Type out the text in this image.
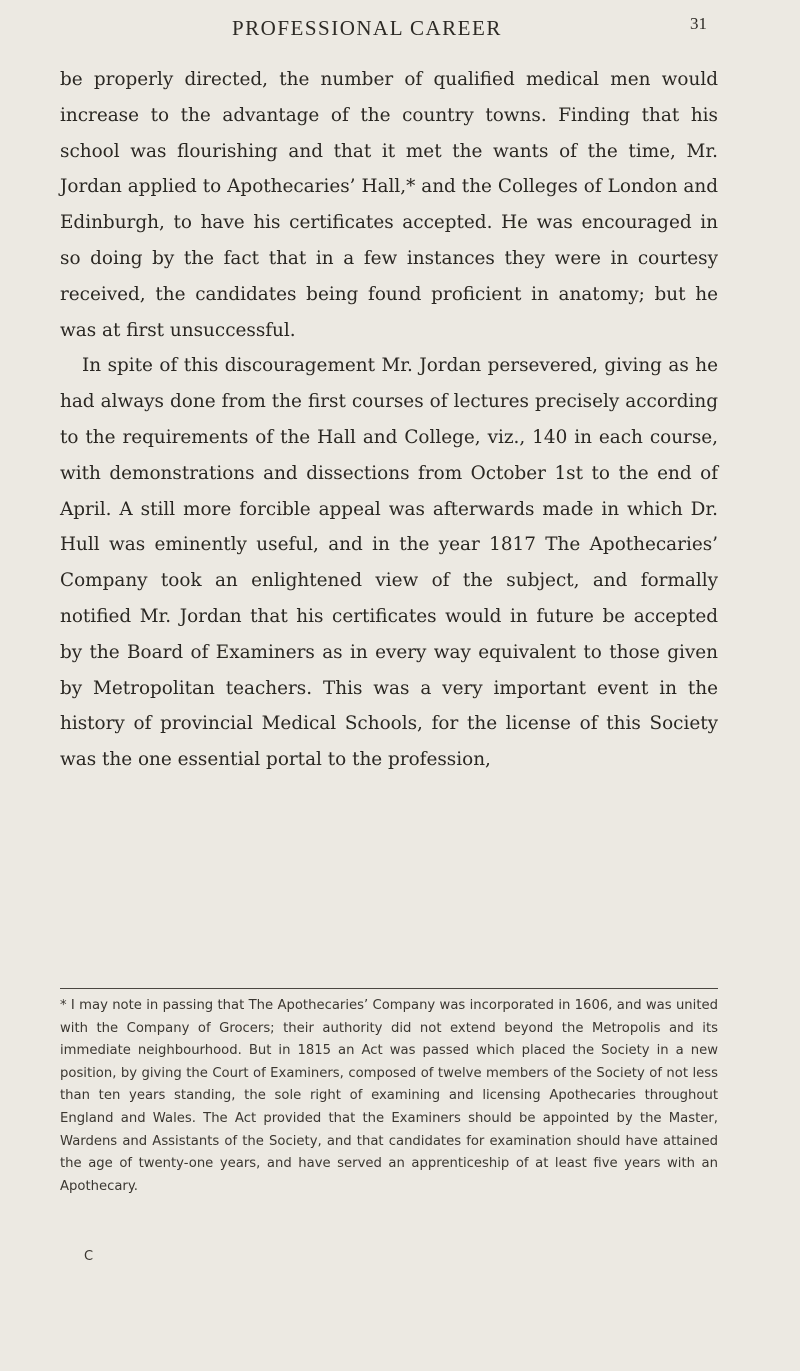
PROFESSIONAL CAREER	31

be properly directed, the number of qualified medical men would increase to the advantage of the country towns. Finding that his school was flourishing and that it met the wants of the time, Mr. Jordan applied to Apothecaries’ Hall,* and the Colleges of London and Edinburgh, to have his certificates accepted. He was encouraged in so doing by the fact that in a few instances they were in courtesy received, the candidates being found proficient in anatomy; but he was at first unsuccessful.

In spite of this discouragement Mr. Jordan persevered, giving as he had always done from the first courses of lectures precisely according to the requirements of the Hall and College, viz., 140 in each course, with demonstrations and dissections from October 1st to the end of April. A still more forcible appeal was afterwards made in which Dr. Hull was eminently useful, and in the year 1817 The Apothecaries’ Company took an enlightened view of the subject, and formally notified Mr. Jordan that his certificates would in future be accepted by the Board of Examiners as in every way equivalent to those given by Metropolitan teachers. This was a very important event in the history of provincial Medical Schools, for the license of this Society was the one essential portal to the profession,

* I may note in passing that The Apothecaries’ Company was incorporated in 1606, and was united with the Company of Grocers; their authority did not extend beyond the Metropolis and its immediate neighbourhood. But in 1815 an Act was passed which placed the Society in a new position, by giving the Court of Examiners, composed of twelve members of the Society of not less than ten years standing, the sole right of examining and licensing Apothecaries throughout England and Wales. The Act provided that the Examiners should be appointed by the Master, Wardens and Assistants of the Society, and that candidates for examination should have attained the age of twenty-one years, and have served an apprenticeship of at least five years with an Apothecary.

C
